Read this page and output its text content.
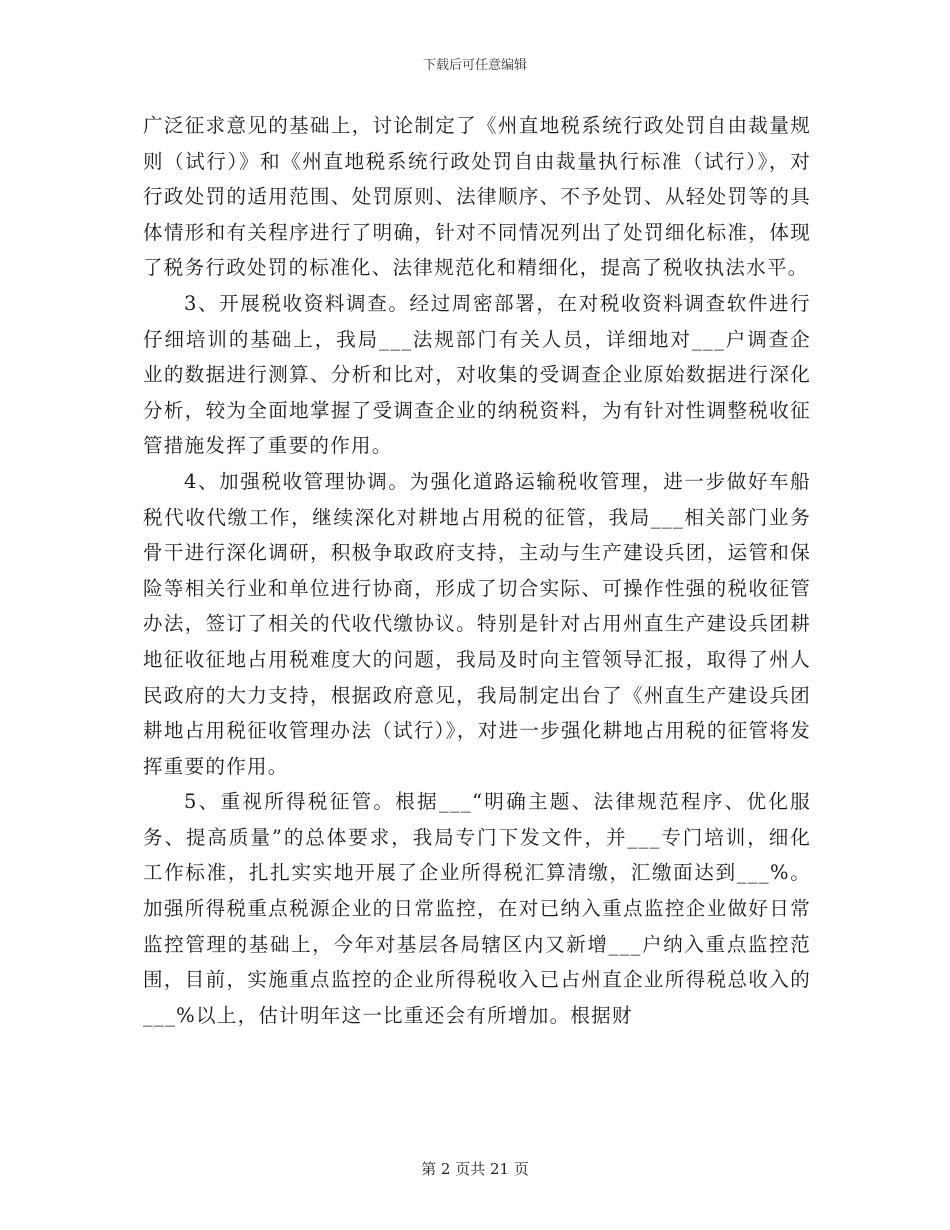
下载后可任意编辑

广泛征求意见的基础上，讨论制定了《州直地税系统行政处罚自由裁量规则（试行）》和《州直地税系统行政处罚自由裁量执行标准（试行）》，对行政处罚的适用范围、处罚原则、法律顺序、不予处罚、从轻处罚等的具体情形和有关程序进行了明确，针对不同情况列出了处罚细化标准，体现了税务行政处罚的标准化、法律规范化和精细化，提高了税收执法水平。

3、开展税收资料调查。经过周密部署，在对税收资料调查软件进行仔细培训的基础上，我局___法规部门有关人员，详细地对___户调查企业的数据进行测算、分析和比对，对收集的受调查企业原始数据进行深化分析，较为全面地掌握了受调查企业的纳税资料，为有针对性调整税收征管措施发挥了重要的作用。

4、加强税收管理协调。为强化道路运输税收管理，进一步做好车船税代收代缴工作，继续深化对耕地占用税的征管，我局___相关部门业务骨干进行深化调研，积极争取政府支持，主动与生产建设兵团，运管和保险等相关行业和单位进行协商，形成了切合实际、可操作性强的税收征管办法，签订了相关的代收代缴协议。特别是针对占用州直生产建设兵团耕地征收征地占用税难度大的问题，我局及时向主管领导汇报，取得了州人民政府的大力支持，根据政府意见，我局制定出台了《州直生产建设兵团耕地占用税征收管理办法（试行）》，对进一步强化耕地占用税的征管将发挥重要的作用。

5、重视所得税征管。根据___“明确主题、法律规范程序、优化服务、提高质量”的总体要求，我局专门下发文件，并___专门培训，细化工作标准，扎扎实实地开展了企业所得税汇算清缴，汇缴面达到___%。加强所得税重点税源企业的日常监控，在对已纳入重点监控企业做好日常监控管理的基础上，今年对基层各局辖区内又新增___户纳入重点监控范围，目前，实施重点监控的企业所得税收入已占州直企业所得税总收入的___%以上，估计明年这一比重还会有所增加。根据财

第 2 页共 21 页
